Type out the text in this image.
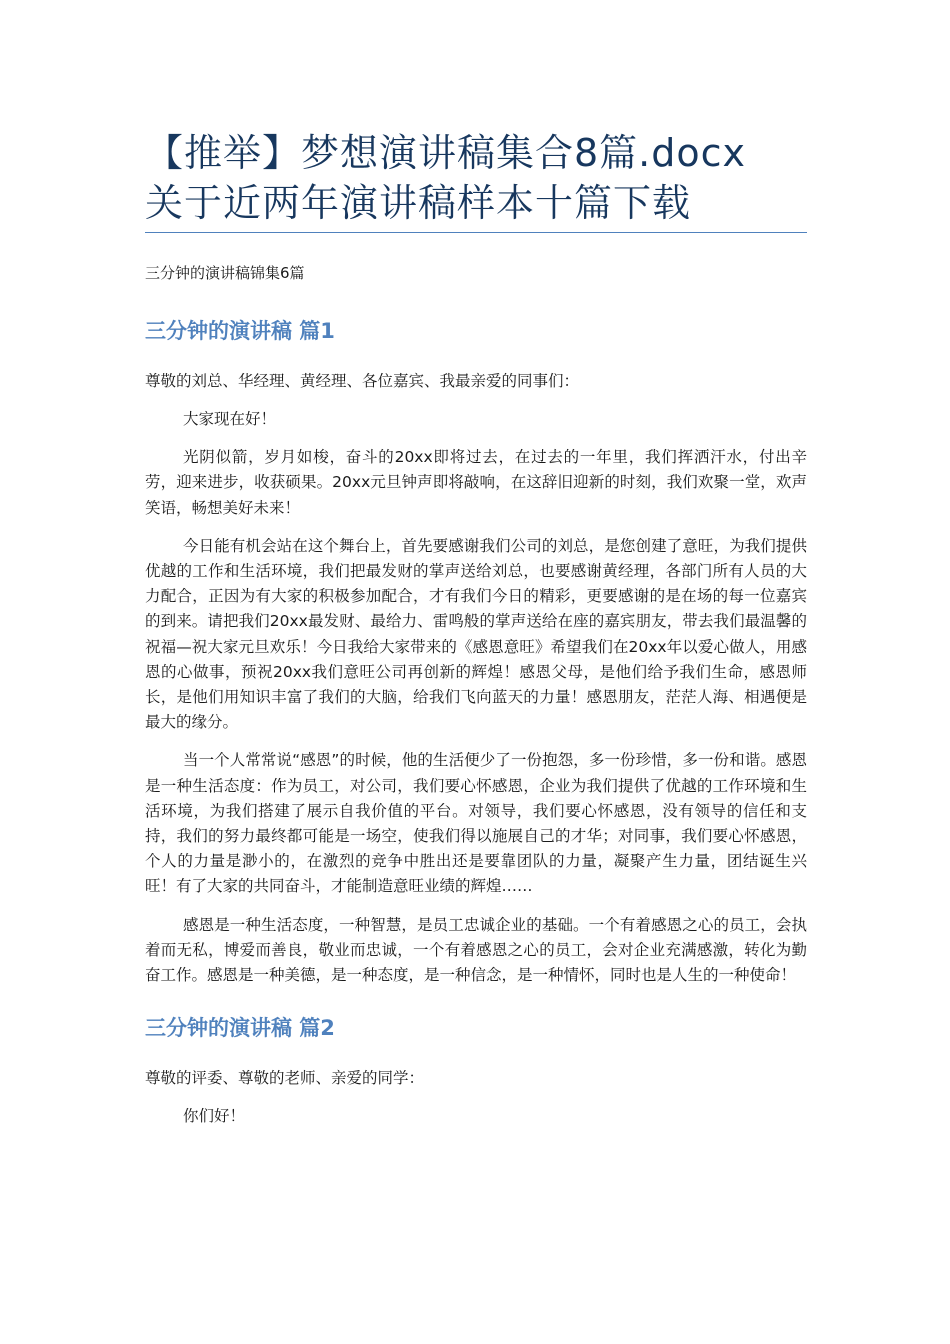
【推举】梦想演讲稿集合8篇.docx
关于近两年演讲稿样本十篇下载
三分钟的演讲稿锦集6篇
三分钟的演讲稿 篇1
尊敬的刘总、华经理、黄经理、各位嘉宾、我最亲爱的同事们：

大家现在好！

光阴似箭，岁月如梭，奋斗的20xx即将过去，在过去的一年里，我们挥洒汗水，付出辛劳，迎来进步，收获硕果。20xx元旦钟声即将敲响，在这辞旧迎新的时刻，我们欢聚一堂，欢声笑语，畅想美好未来！

今日能有机会站在这个舞台上，首先要感谢我们公司的刘总，是您创建了意旺，为我们提供优越的工作和生活环境，我们把最发财的掌声送给刘总，也要感谢黄经理，各部门所有人员的大力配合，正因为有大家的积极参加配合，才有我们今日的精彩，更要感谢的是在场的每一位嘉宾的到来。请把我们20xx最发财、最给力、雷鸣般的掌声送给在座的嘉宾朋友，带去我们最温馨的祝福—祝大家元旦欢乐！今日我给大家带来的《感恩意旺》希望我们在20xx年以爱心做人，用感恩的心做事，预祝20xx我们意旺公司再创新的辉煌！感恩父母，是他们给予我们生命，感恩师长，是他们用知识丰富了我们的大脑，给我们飞向蓝天的力量！感恩朋友，茫茫人海、相遇便是最大的缘分。

当一个人常常说“感恩”的时候，他的生活便少了一份抱怨，多一份珍惜，多一份和谐。感恩是一种生活态度：作为员工，对公司，我们要心怀感恩，企业为我们提供了优越的工作环境和生活环境，为我们搭建了展示自我价值的平台。对领导，我们要心怀感恩，没有领导的信任和支持，我们的努力最终都可能是一场空，使我们得以施展自己的才华；对同事，我们要心怀感恩，个人的力量是渺小的，在激烈的竞争中胜出还是要靠团队的力量，凝聚产生力量，团结诞生兴旺！有了大家的共同奋斗，才能制造意旺业绩的辉煌……

感恩是一种生活态度，一种智慧，是员工忠诚企业的基础。一个有着感恩之心的员工，会执着而无私，博爱而善良，敬业而忠诚，一个有着感恩之心的员工，会对企业充满感激，转化为勤奋工作。感恩是一种美德，是一种态度，是一种信念，是一种情怀，同时也是人生的一种使命！

三分钟的演讲稿 篇2
尊敬的评委、尊敬的老师、亲爱的同学：

你们好！
